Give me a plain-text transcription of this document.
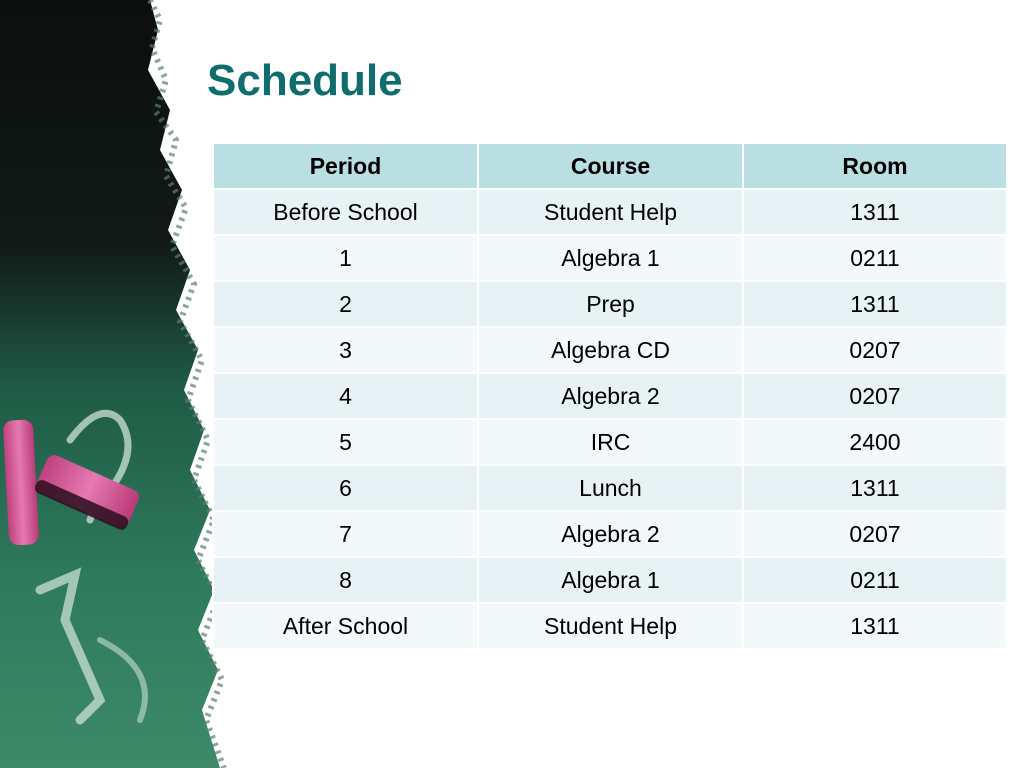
Schedule
Period	Course	Room
Before School	Student Help	1311
1	Algebra 1	0211
2	Prep	1311
3	Algebra CD	0207
4	Algebra 2	0207
5	IRC	2400
6	Lunch	1311
7	Algebra 2	0207
8	Algebra 1	0211
After School	Student Help	1311
